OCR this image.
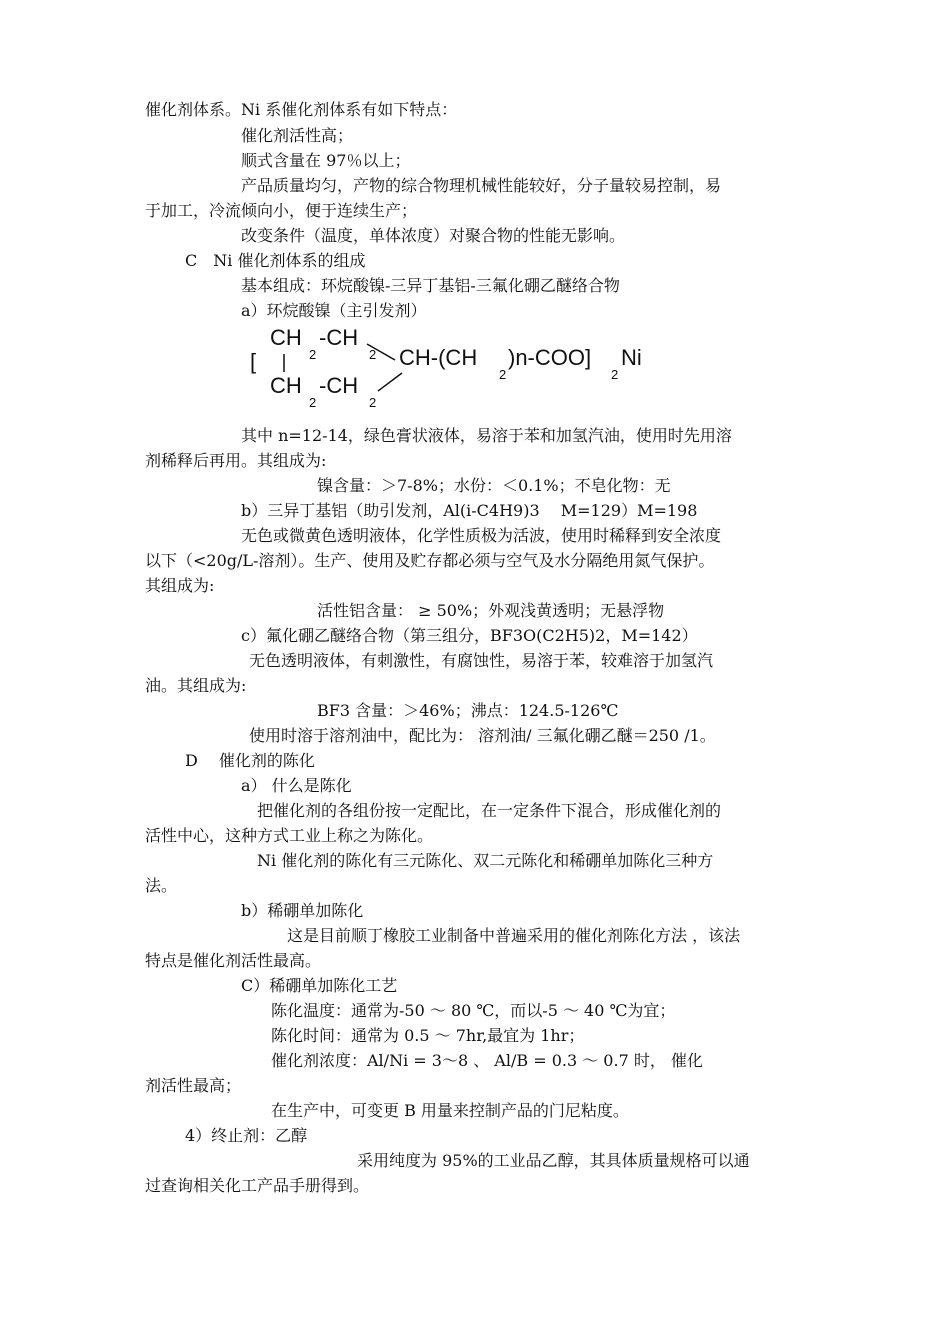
催化剂体系。Ni 系催化剂体系有如下特点：
催化剂活性高；
顺式含量在 97％以上；
产品质量均匀，产物的综合物理机械性能较好，分子量较易控制，易
于加工，冷流倾向小，便于连续生产；
改变条件（温度，单体浓度）对聚合物的性能无影响。
C　Ni 催化剂体系的组成
基本组成：环烷酸镍-三异丁基铝-三氟化硼乙醚络合物
a）环烷酸镍（主引发剂）
CH
2
-CH
2
[	CH-(CH
2
)n-COO]
2
Ni
CH
2
-CH
2
其中 n=12-14，绿色膏状液体，易溶于苯和加氢汽油，使用时先用溶
剂稀释后再用。其组成为:
镍含量：＞7-8%；水份：＜0.1%；不皂化物：无
b）三异丁基铝（助引发剂，Al(i-C4H9)3　 M=129）M=198
无色或微黄色透明液体，化学性质极为活波，使用时稀释到安全浓度
以下（<20g/L-溶剂）。生产、使用及贮存都必须与空气及水分隔绝用氮气保护。
其组成为:
活性铝含量： ≥ 50%；外观浅黄透明；无悬浮物
c）氟化硼乙醚络合物（第三组分，BF3O(C2H5)2，M=142）
无色透明液体，有刺激性，有腐蚀性，易溶于苯，较难溶于加氢汽
油。其组成为:
BF3 含量：＞46%；沸点：124.5-126℃
使用时溶于溶剂油中，配比为： 溶剂油/ 三氟化硼乙醚＝250 /1。
D　 催化剂的陈化
a） 什么是陈化
把催化剂的各组份按一定配比，在一定条件下混合，形成催化剂的
活性中心，这种方式工业上称之为陈化。
Ni 催化剂的陈化有三元陈化、双二元陈化和稀硼单加陈化三种方
法。
b）稀硼单加陈化
这是目前顺丁橡胶工业制备中普遍采用的催化剂陈化方法 ，该法
特点是催化剂活性最高。
C）稀硼单加陈化工艺
陈化温度：通常为-50 ～ 80 ℃，而以-5 ～ 40 ℃为宜；
陈化时间：通常为 0.5 ～ 7hr,最宜为 1hr；
催化剂浓度：Al/Ni = 3～8 、 Al/B = 0.3 ～ 0.7 时， 催化
剂活性最高；
在生产中，可变更 B 用量来控制产品的门尼粘度。
4）终止剂：乙醇
采用纯度为 95%的工业品乙醇，其具体质量规格可以通
过查询相关化工产品手册得到。
